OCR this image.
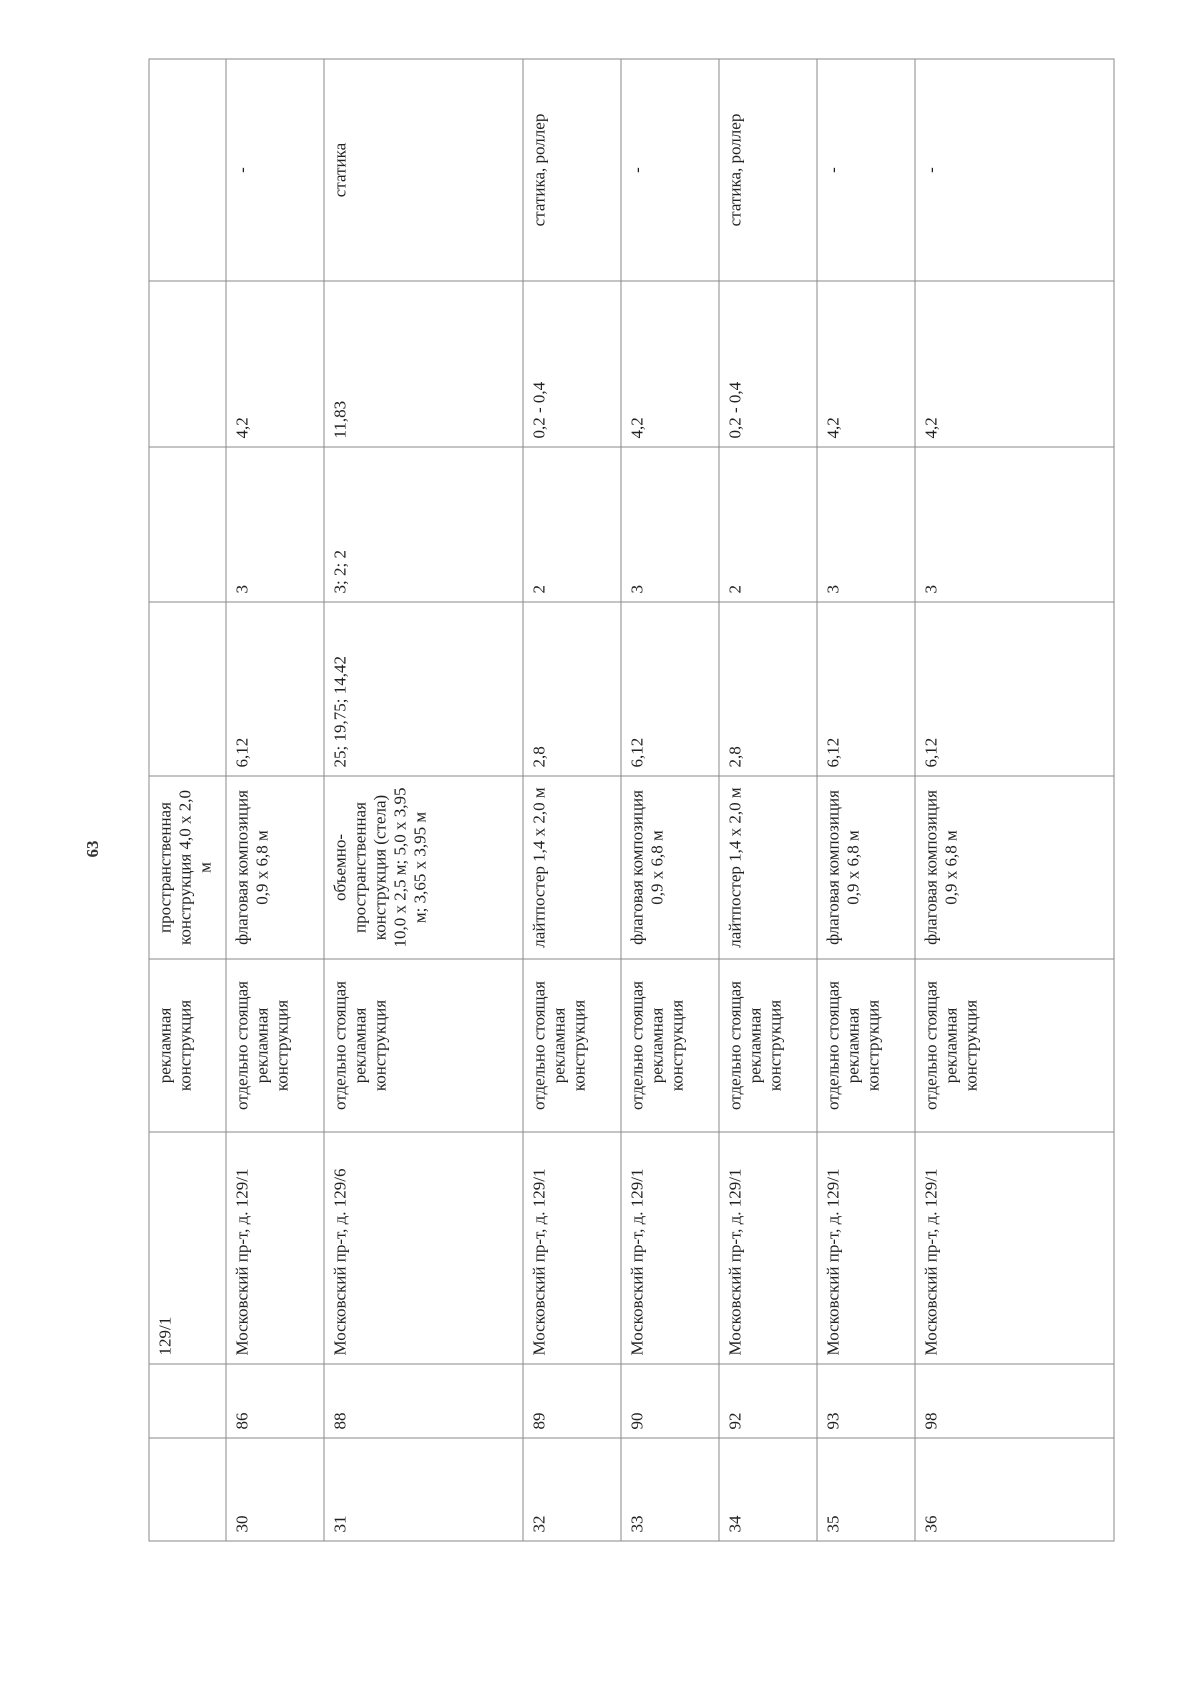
63
		129/1	рекламная конструкция	пространственная конструкция 4,0 х 2,0 м				
30	86	Московский пр-т, д. 129/1	отдельно стоящая рекламная конструкция	флаговая композиция 0,9 х 6,8 м	6,12	3	4,2	-
31	88	Московский пр-т, д. 129/6	отдельно стоящая рекламная конструкция	объемно-пространственная конструкция (стела) 10,0 х 2,5 м; 5,0 х 3,95 м; 3,65 х 3,95 м	25; 19,75; 14,42	3; 2; 2	11,83	статика
32	89	Московский пр-т, д. 129/1	отдельно стоящая рекламная конструкция	лайтпостер 1,4 х 2,0 м	2,8	2	0,2 - 0,4	статика, роллер
33	90	Московский пр-т, д. 129/1	отдельно стоящая рекламная конструкция	флаговая композиция 0,9 х 6,8 м	6,12	3	4,2	-
34	92	Московский пр-т, д. 129/1	отдельно стоящая рекламная конструкция	лайтпостер 1,4 х 2,0 м	2,8	2	0,2 - 0,4	статика, роллер
35	93	Московский пр-т, д. 129/1	отдельно стоящая рекламная конструкция	флаговая композиция 0,9 х 6,8 м	6,12	3	4,2	-
36	98	Московский пр-т, д. 129/1	отдельно стоящая рекламная конструкция	флаговая композиция 0,9 х 6,8 м	6,12	3	4,2	-
